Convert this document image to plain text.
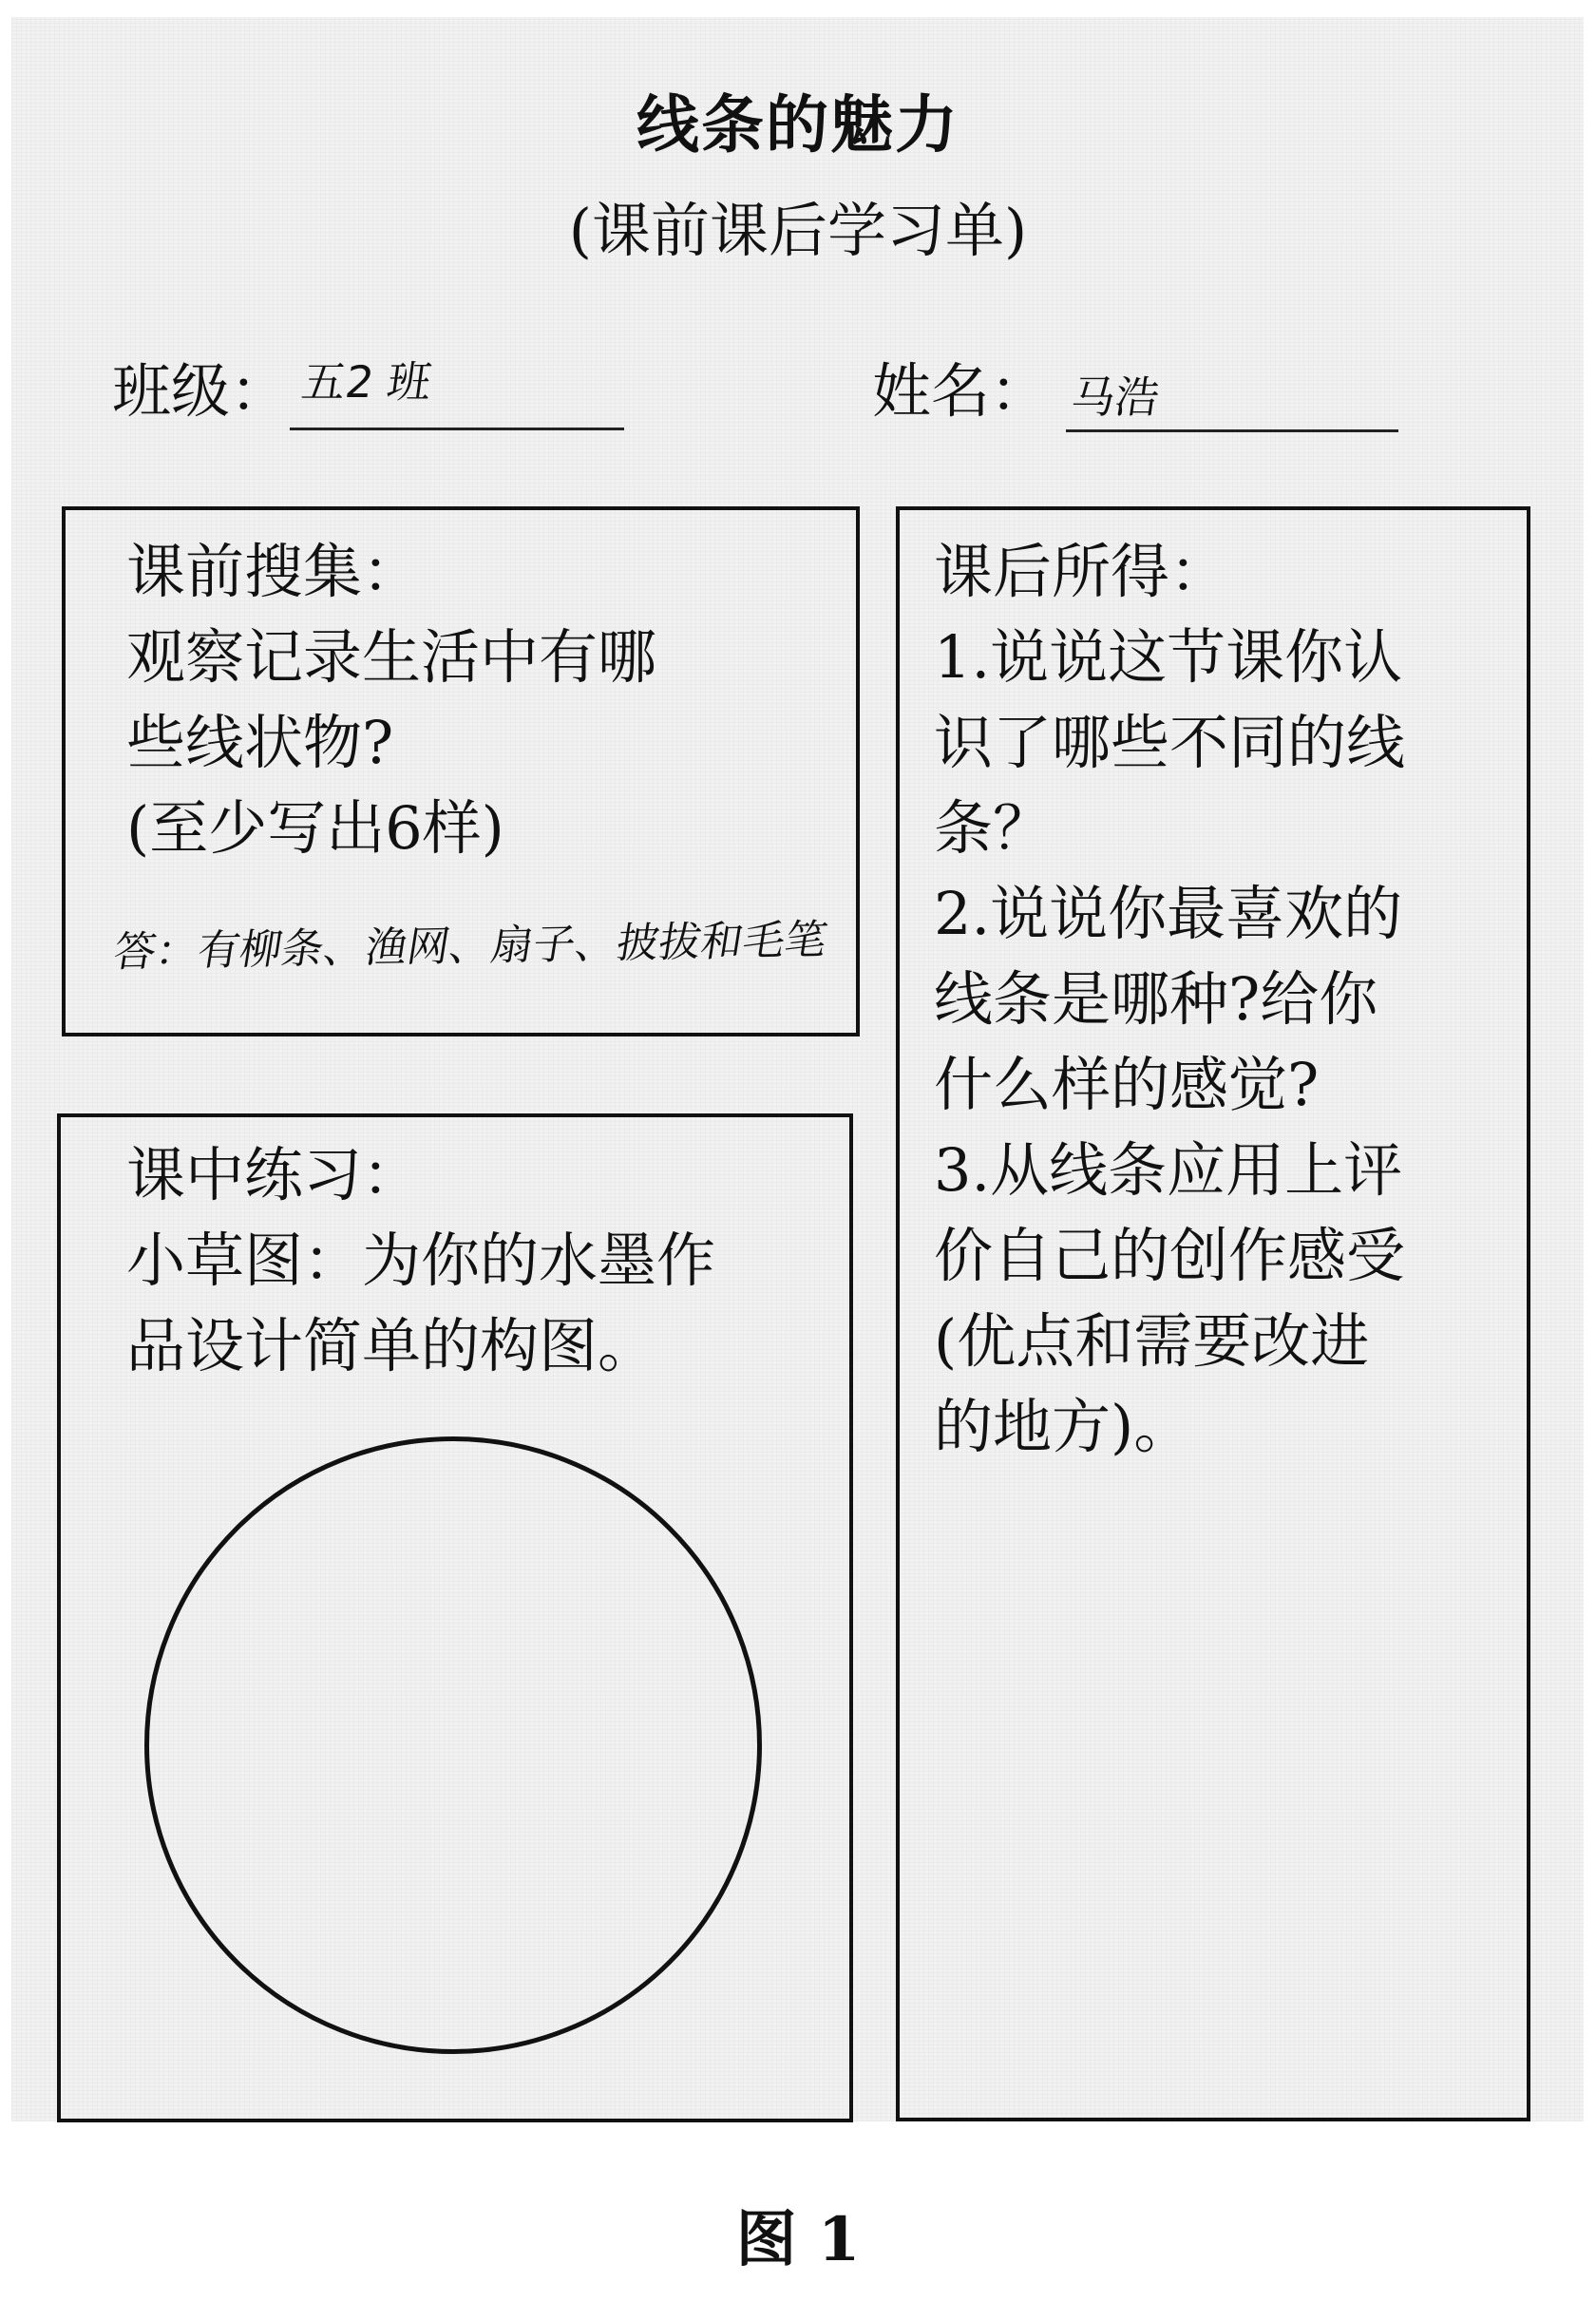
线条的魅力
(课前课后学习单)
班级： 五2 班	姓名： 马浩
课前搜集：
观察记录生活中有哪
些线状物?
(至少写出6样)
答：有柳条、渔网、扇子、披拔和毛笔
课中练习：
小草图：为你的水墨作
品设计简单的构图。
课后所得：
1.说说这节课你认
识了哪些不同的线
条？
2.说说你最喜欢的
线条是哪种?给你
什么样的感觉?
3.从线条应用上评
价自己的创作感受
(优点和需要改进
的地方)。
图 1
